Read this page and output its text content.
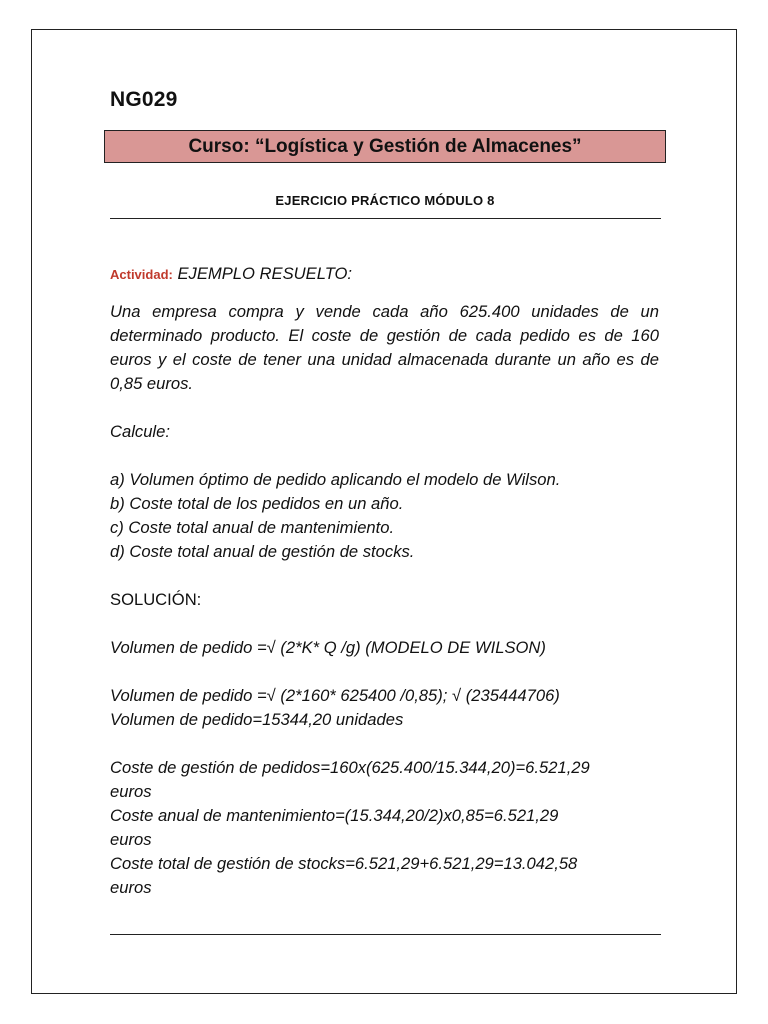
NG029
Curso: “Logística y Gestión de Almacenes”
EJERCICIO PRÁCTICO MÓDULO 8

Actividad: EJEMPLO RESUELTO:

Una empresa compra y vende cada año 625.400 unidades de un determinado producto. El coste de gestión de cada pedido es de 160 euros y el coste de tener una unidad almacenada durante un año es de 0,85 euros.

Calcule:

a) Volumen óptimo de pedido aplicando el modelo de Wilson.

b) Coste total de los pedidos en un año.

c) Coste total anual de mantenimiento.

d) Coste total anual de gestión de stocks.

SOLUCIÓN:

Volumen de pedido =√ (2*K* Q /g) (MODELO DE WILSON)

Volumen de pedido =√ (2*160* 625400 /0,85); √ (235444706)

Volumen de pedido=15344,20 unidades

Coste de gestión de pedidos=160x(625.400/15.344,20)=6.521,29

euros

Coste anual de mantenimiento=(15.344,20/2)x0,85=6.521,29

euros

Coste total de gestión de stocks=6.521,29+6.521,29=13.042,58

euros
